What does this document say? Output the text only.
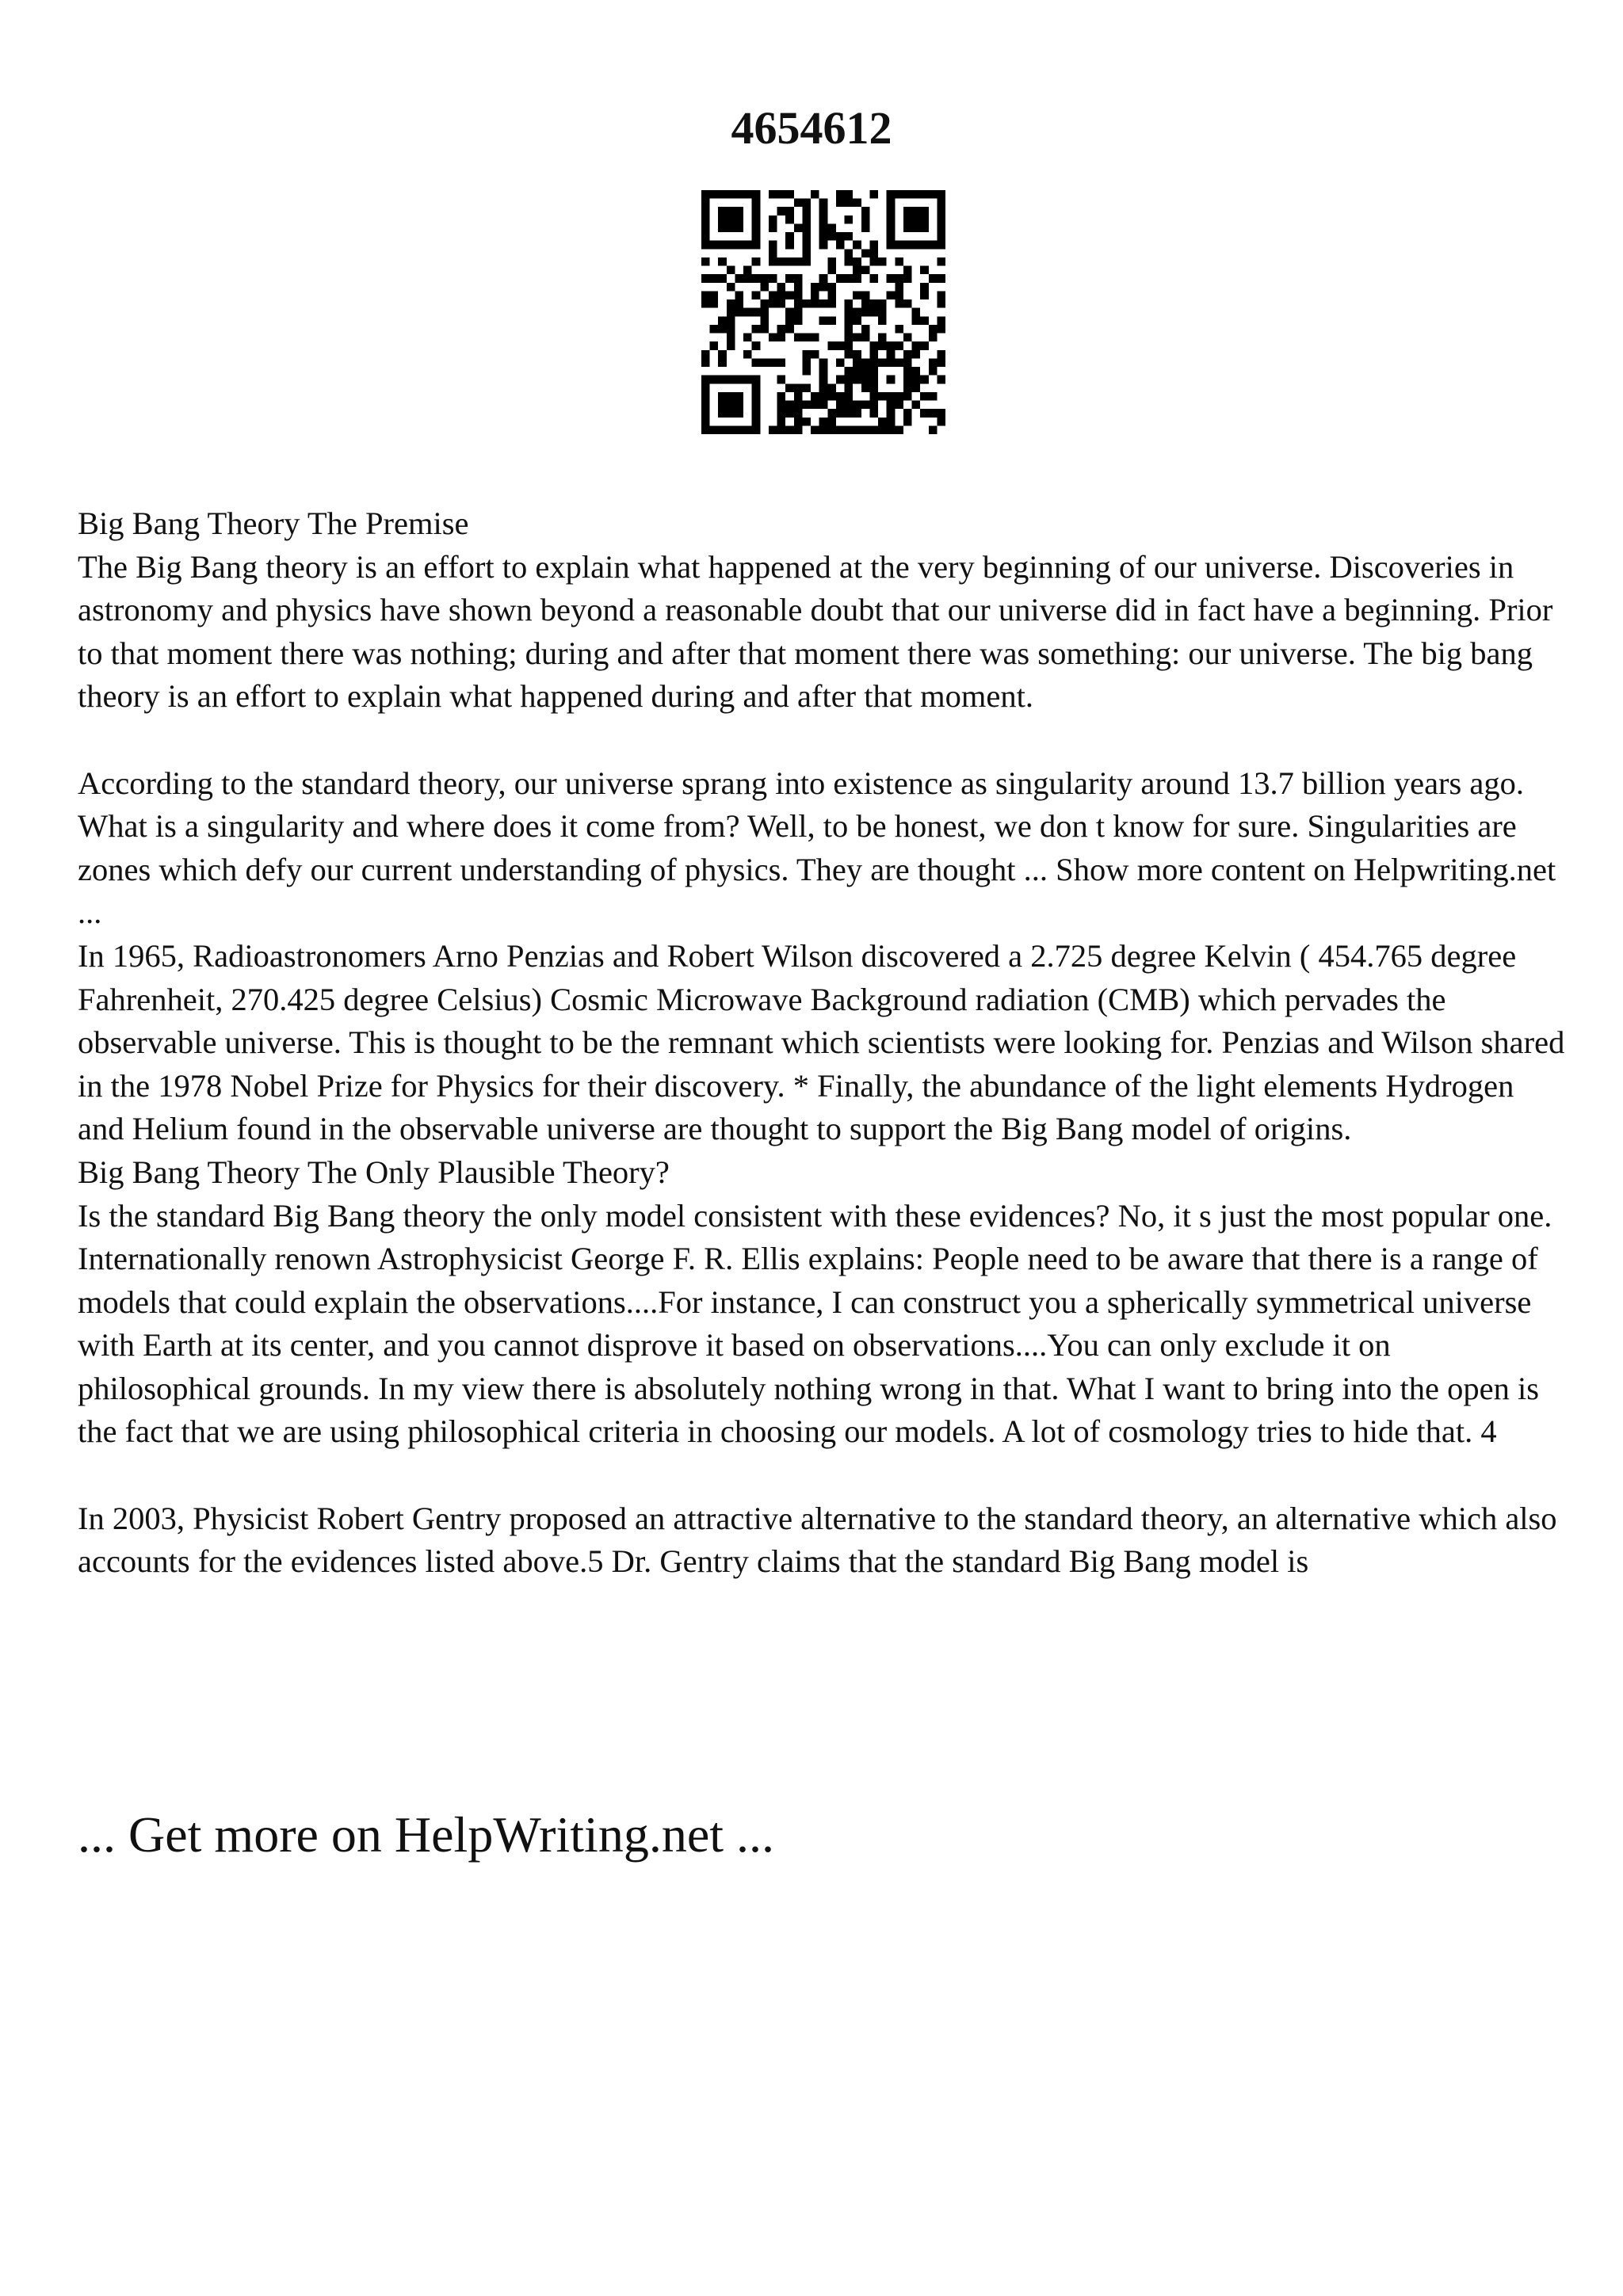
4654612

Big Bang Theory The Premise

The Big Bang theory is an effort to explain what happened at the very beginning of our universe. Discoveries in astronomy and physics have shown beyond a reasonable doubt that our universe did in fact have a beginning. Prior to that moment there was nothing; during and after that moment there was something: our universe. The big bang theory is an effort to explain what happened during and after that moment.

According to the standard theory, our universe sprang into existence as singularity around 13.7 billion years ago. What is a singularity and where does it come from? Well, to be honest, we don t know for sure. Singularities are zones which defy our current understanding of physics. They are thought ... Show more content on Helpwriting.net ...

In 1965, Radioastronomers Arno Penzias and Robert Wilson discovered a 2.725 degree Kelvin ( 454.765 degree Fahrenheit, 270.425 degree Celsius) Cosmic Microwave Background radiation (CMB) which pervades the observable universe. This is thought to be the remnant which scientists were looking for. Penzias and Wilson shared in the 1978 Nobel Prize for Physics for their discovery. * Finally, the abundance of the light elements Hydrogen and Helium found in the observable universe are thought to support the Big Bang model of origins.

Big Bang Theory The Only Plausible Theory?

Is the standard Big Bang theory the only model consistent with these evidences? No, it s just the most popular one. Internationally renown Astrophysicist George F. R. Ellis explains: People need to be aware that there is a range of models that could explain the observations....For instance, I can construct you a spherically symmetrical universe with Earth at its center, and you cannot disprove it based on observations....You can only exclude it on philosophical grounds. In my view there is absolutely nothing wrong in that. What I want to bring into the open is the fact that we are using philosophical criteria in choosing our models. A lot of cosmology tries to hide that. 4

In 2003, Physicist Robert Gentry proposed an attractive alternative to the standard theory, an alternative which also accounts for the evidences listed above.5 Dr. Gentry claims that the standard Big Bang model is

... Get more on HelpWriting.net ...
